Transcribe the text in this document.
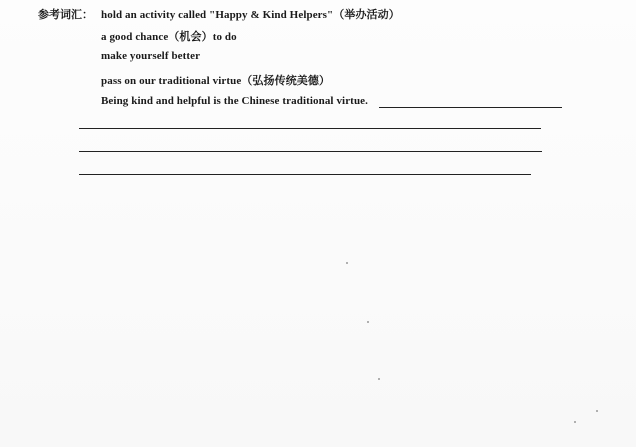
参考词汇： hold an activity called "Happy & Kind Helpers"（举办活动）
a good chance（机会）to do
make yourself better
pass on our traditional virtue（弘扬传统美德）
Being kind and helpful is the Chinese traditional virtue.
